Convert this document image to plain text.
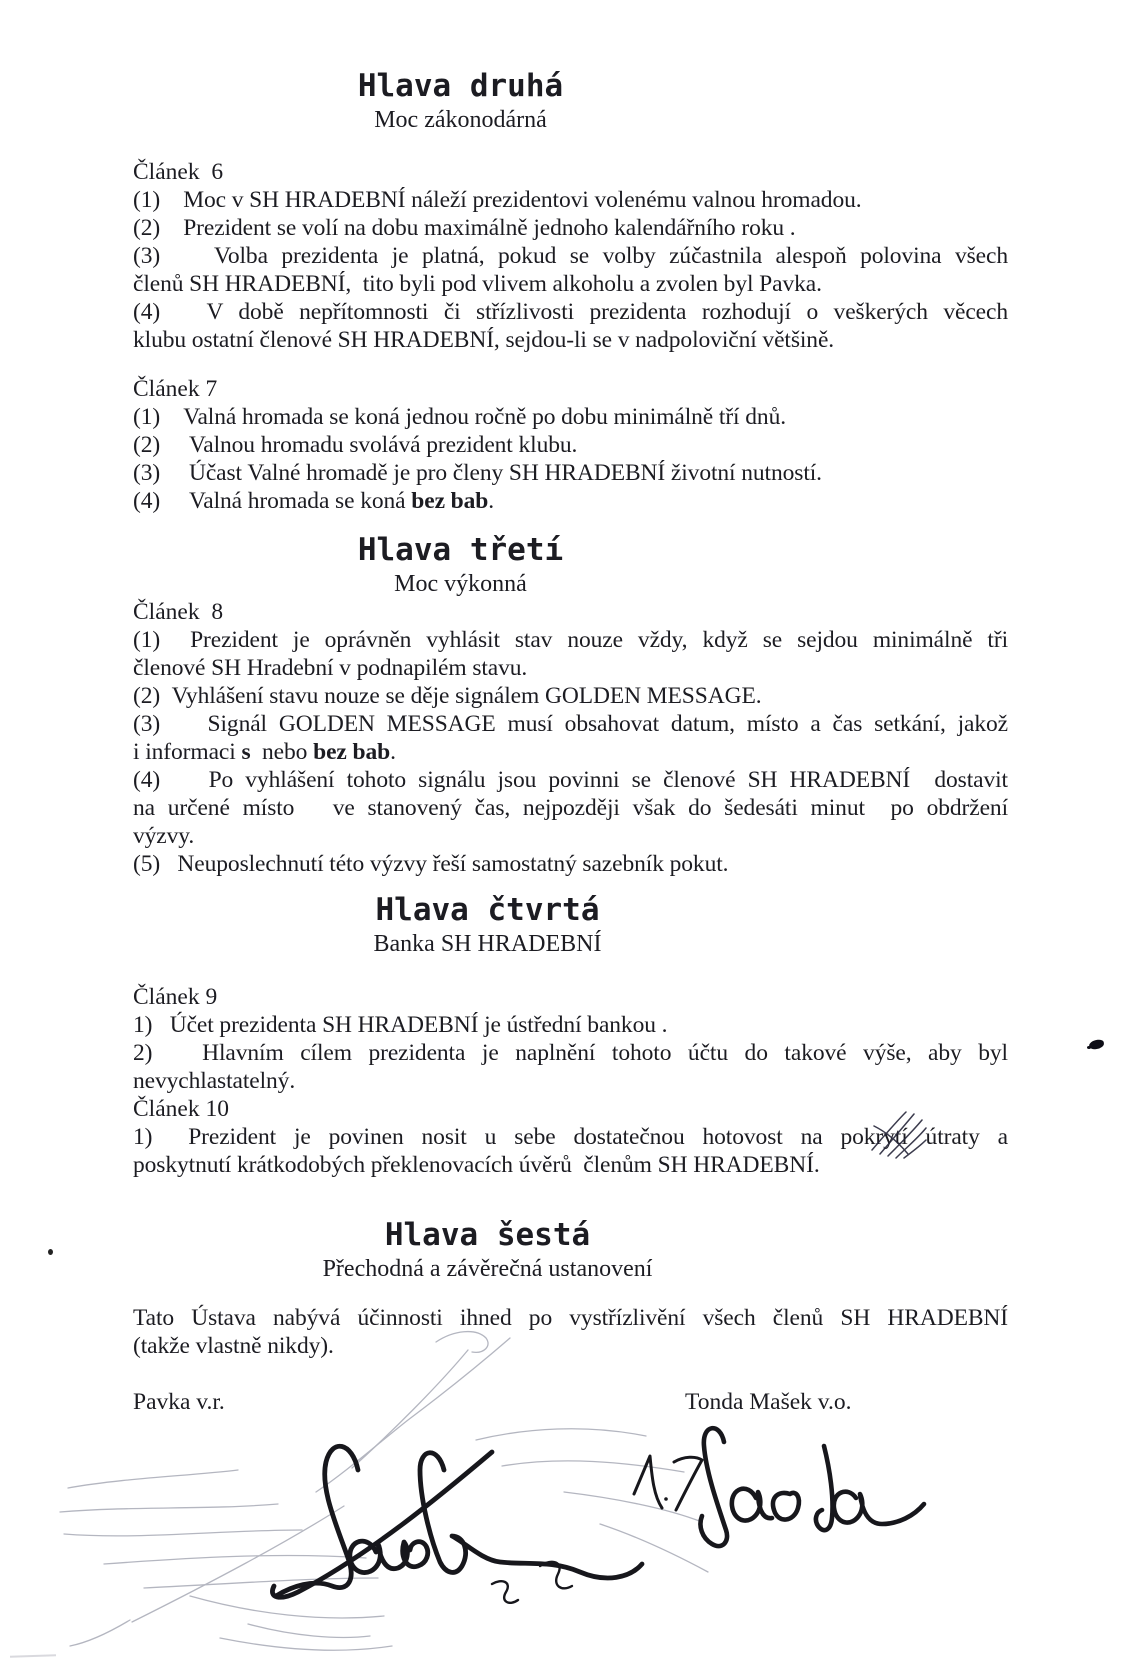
Hlava druhá
Moc zákonodárná
Článek  6
(1)    Moc v SH HRADEBNÍ náleží prezidentovi volenému valnou hromadou.
(2)    Prezident se volí na dobu maximálně jednoho kalendářního roku .
(3)    Volba prezidenta je platná, pokud se volby zúčastnila alespoň polovina všech
členů SH HRADEBNÍ,  tito byli pod vlivem alkoholu a zvolen byl Pavka.
(4)   V době nepřítomnosti či střízlivosti prezidenta rozhodují o veškerých věcech
klubu ostatní členové SH HRADEBNÍ, sejdou-li se v nadpoloviční většině.
Článek 7
(1)    Valná hromada se koná jednou ročně po dobu minimálně tří dnů.
(2)     Valnou hromadu svolává prezident klubu.
(3)     Účast Valné hromadě je pro členy SH HRADEBNÍ životní nutností.
(4)     Valná hromada se koná bez bab.
Hlava třetí
Moc výkonná
Článek  8
(1)  Prezident je oprávněn vyhlásit stav nouze vždy, když se sejdou minimálně tři
členové SH Hradební v podnapilém stavu.
(2)  Vyhlášení stavu nouze se děje signálem GOLDEN MESSAGE.
(3)    Signál GOLDEN MESSAGE musí obsahovat datum, místo a čas setkání, jakož
i informaci s  nebo bez bab.
(4)    Po vyhlášení tohoto signálu jsou povinni se členové SH HRADEBNÍ  dostavit
na určené místo   ve stanovený čas, nejpozději však do šedesáti minut  po obdržení
výzvy.
(5)   Neuposlechnutí této výzvy řeší samostatný sazebník pokut.
Hlava čtvrtá
Banka SH HRADEBNÍ
Článek 9
1)   Účet prezidenta SH HRADEBNÍ je ústřední bankou .
2)   Hlavním cílem prezidenta je naplnění tohoto účtu do takové výše, aby byl
nevychlastatelný.
Článek 10
1)  Prezident je povinen nosit u sebe dostatečnou hotovost na pokrytí útraty a
poskytnutí krátkodobých překlenovacích úvěrů  členům SH HRADEBNÍ.
Hlava šestá
Přechodná a závěrečná ustanovení
Tato Ústava nabývá účinnosti ihned po vystřízlivění všech členů SH HRADEBNÍ
(takže vlastně nikdy).
Pavka v.r.	Tonda Mašek v.o.
